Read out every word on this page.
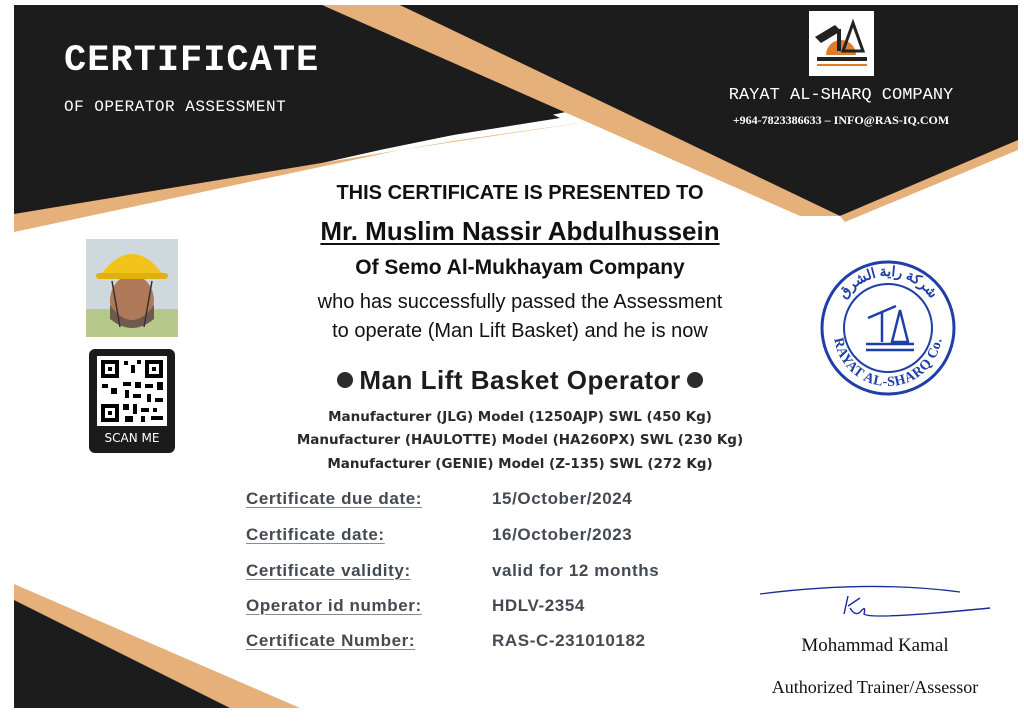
CERTIFICATE
OF OPERATOR ASSESSMENT
RAYAT AL-SHARQ COMPANY
+964-7823386633 – INFO@RAS-IQ.COM
THIS CERTIFICATE IS PRESENTED TO
Mr. Muslim Nassir Abdulhussein
Of Semo Al-Mukhayam Company
who has successfully passed the Assessment
to operate (Man Lift Basket) and he is now
Man Lift Basket Operator
Manufacturer (JLG) Model (1250AJP) SWL (450 Kg)
Manufacturer (HAULOTTE) Model (HA260PX) SWL (230 Kg)
Manufacturer (GENIE) Model (Z-135) SWL (272 Kg)
Certificate due date:	15/October/2024
Certificate date:	16/October/2023
Certificate validity:	valid for 12 months
Operator id number:	HDLV-2354
Certificate Number:	RAS-C-231010182
SCAN ME
شركة راية الشرق
RAYAT AL-SHARQ Co.
Mohammad Kamal
Authorized Trainer/Assessor
